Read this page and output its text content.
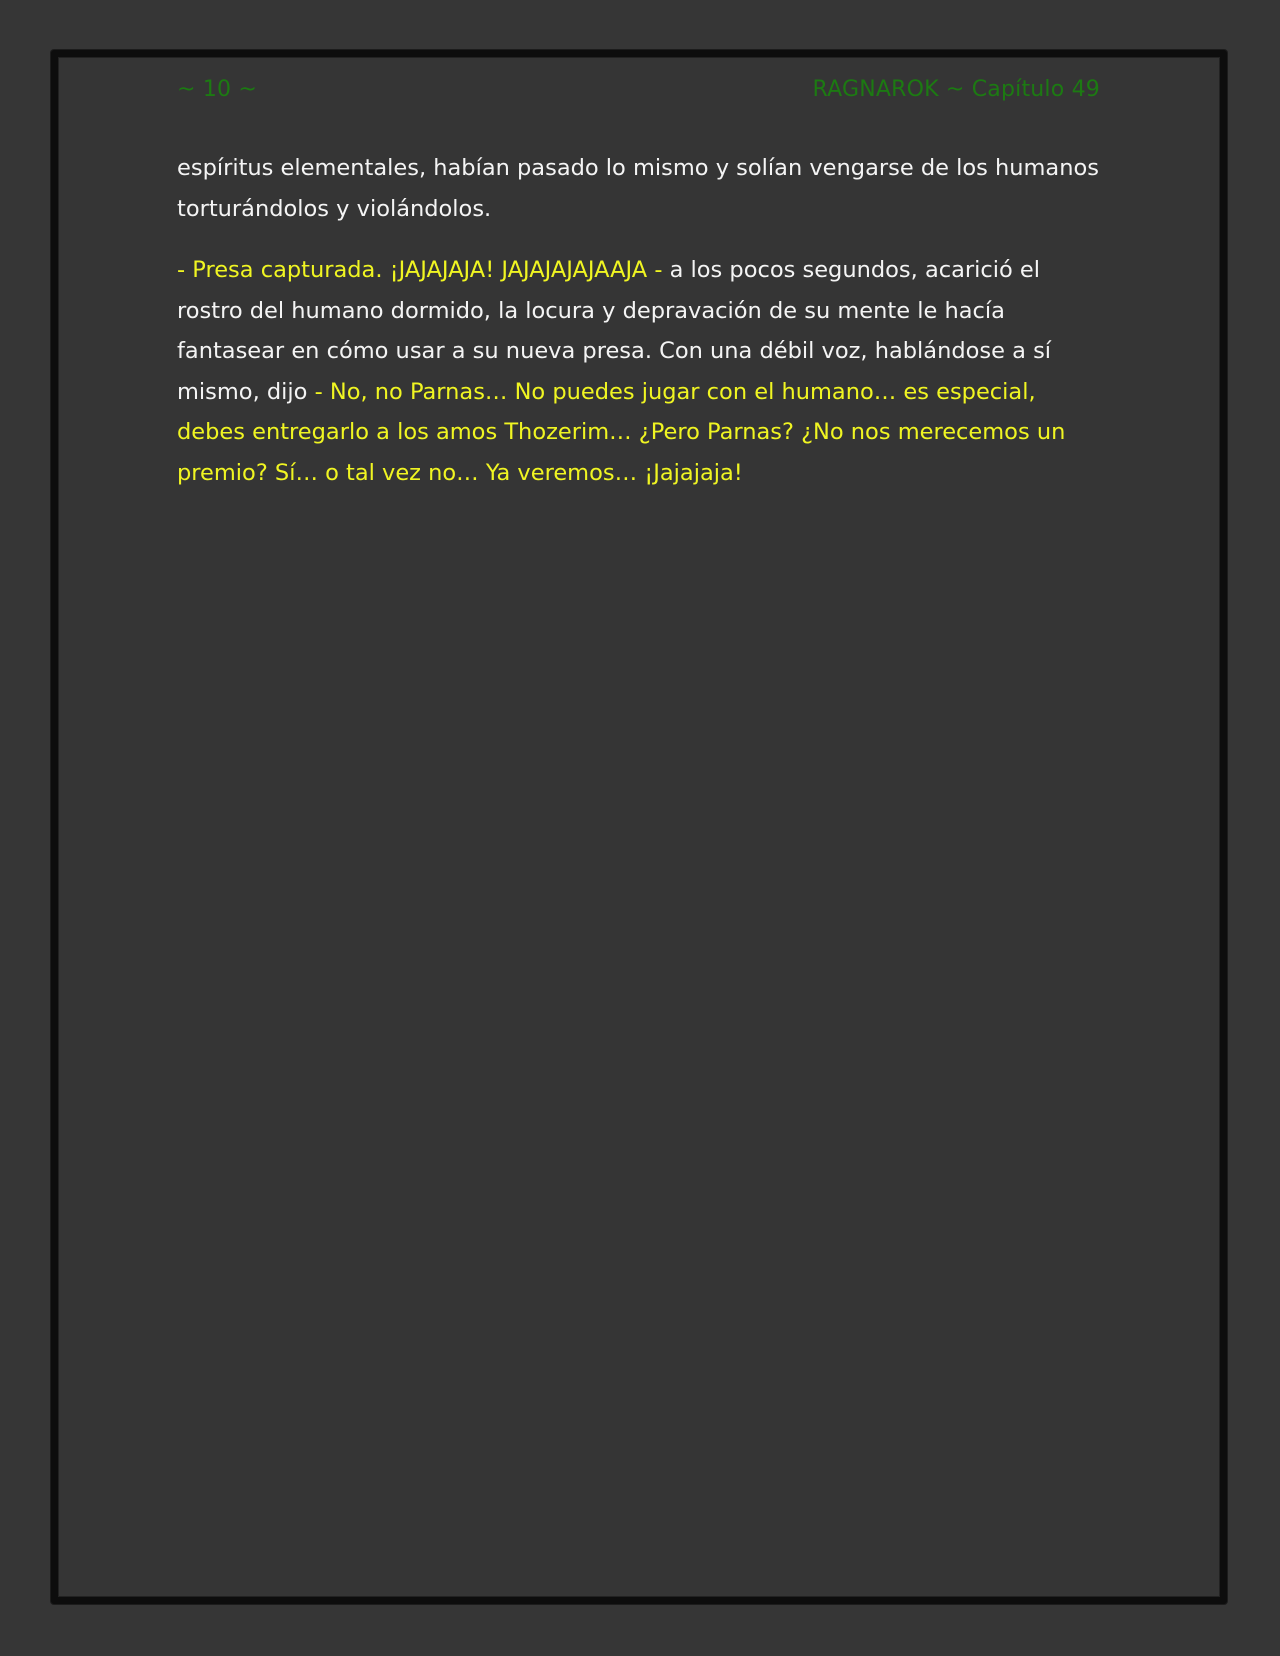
~ 10 ~	RAGNAROK ~ Capítulo 49

espíritus elementales, habían pasado lo mismo y solían vengarse de los humanos torturándolos y violándolos.

- Presa capturada. ¡JAJAJAJA! JAJAJAJAJAAJA - a los pocos segundos, acarició el rostro del humano dormido, la locura y depravación de su mente le hacía fantasear en cómo usar a su nueva presa. Con una débil voz, hablándose a sí mismo, dijo - No, no Parnas… No puedes jugar con el humano… es especial, debes entregarlo a los amos Thozerim… ¿Pero Parnas? ¿No nos merecemos un premio? Sí… o tal vez no… Ya veremos… ¡Jajajaja!
